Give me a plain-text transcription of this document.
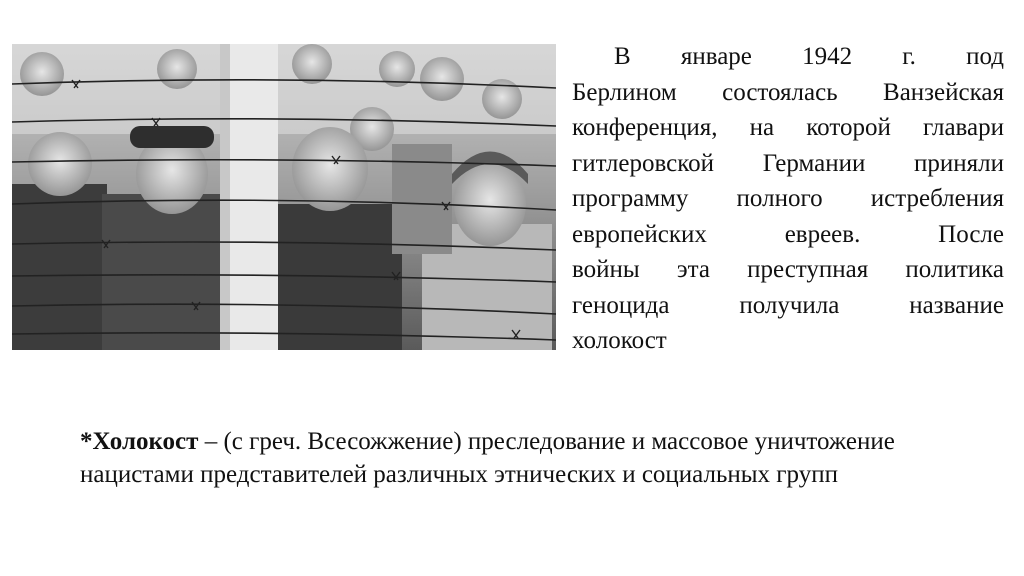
В январе 1942 г. под
Берлином состоялась Ванзейская
конференция, на которой главари
гитлеровской Германии приняли
программу полного истребления
европейских евреев. После
войны эта преступная политика
геноцида получила название
холокост

*Холокост – (с греч. Всесожжение) преследование и массовое уничтожение нацистами представителей различных этнических и социальных групп
